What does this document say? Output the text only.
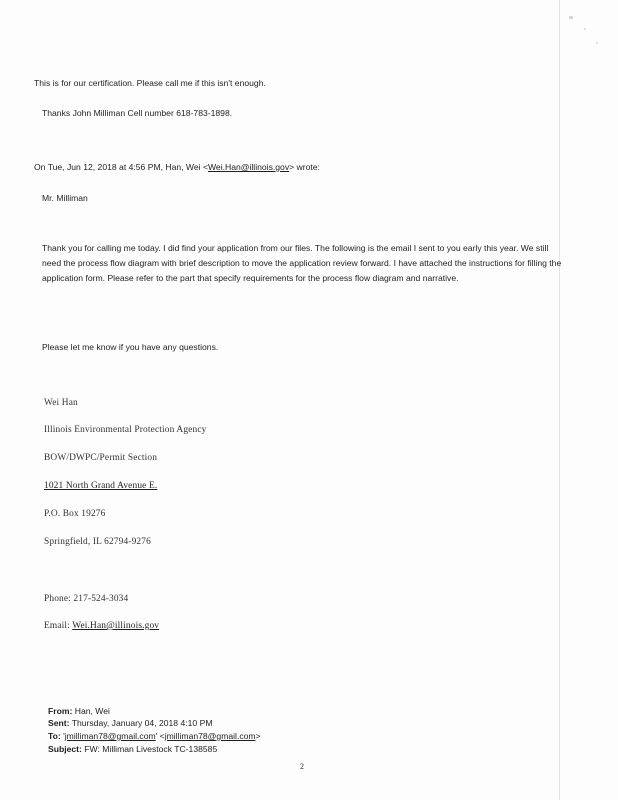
This is for our certification. Please call me if this isn't enough.
Thanks John Milliman Cell number 618-783-1898.
On Tue, Jun 12, 2018 at 4:56 PM, Han, Wei <Wei.Han@illinois.gov> wrote:
Mr. Milliman
Thank you for calling me today. I did find your application from our files. The following is the email I sent to you early this year. We still need the process flow diagram with brief description to move the application review forward. I have attached the instructions for filling the application form. Please refer to the part that specify requirements for the process flow diagram and narrative.
Please let me know if you have any questions.
Wei Han
Illinois Environmental Protection Agency
BOW/DWPC/Permit Section
1021 North Grand Avenue E.
P.O. Box 19276
Springfield, IL 62794-9276
Phone: 217-524-3034
Email: Wei.Han@illinois.gov
From: Han, Wei
Sent: Thursday, January 04, 2018 4:10 PM
To: 'jmilliman78@gmail.com' <jmilliman78@gmail.com>
Subject: FW: Milliman Livestock TC-138585
2
